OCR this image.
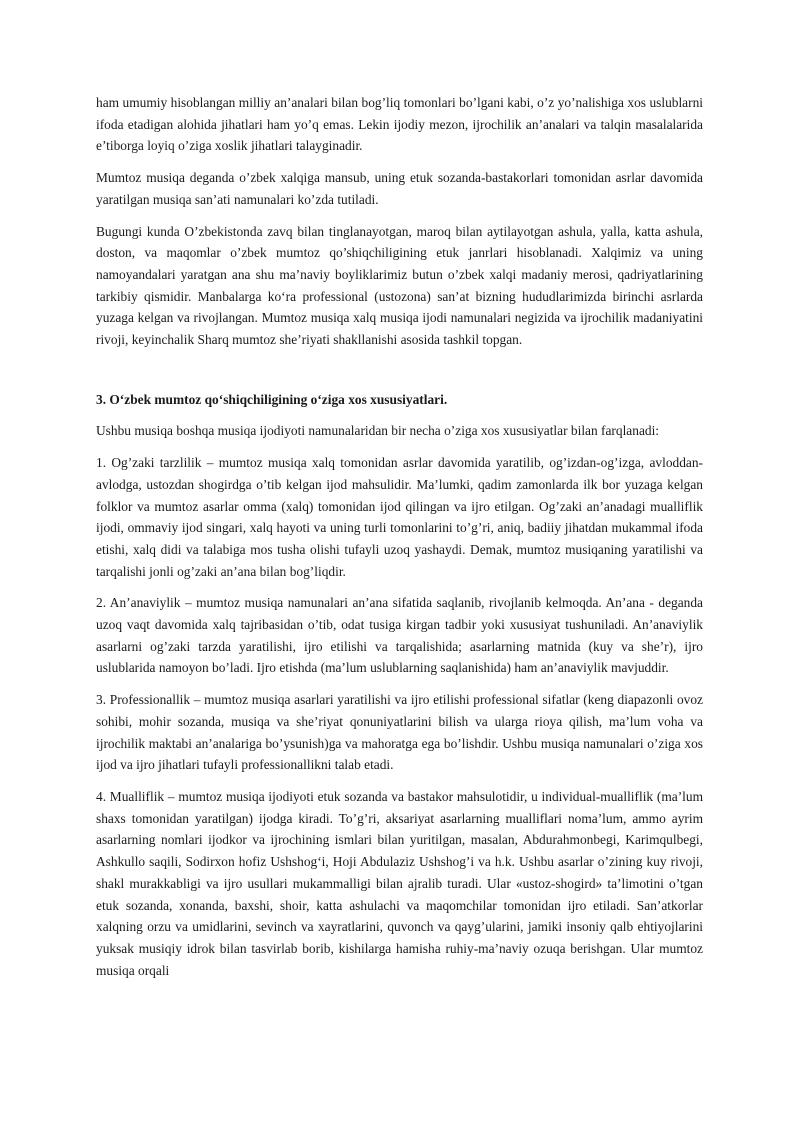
ham umumiy hisoblangan milliy an’analari bilan bog’liq tomonlari bo’lgani kabi, o’z yo’nalishiga xos uslublarni ifoda etadigan alohida jihatlari ham yo’q emas. Lekin ijodiy mezon, ijrochilik an’analari va talqin masalalarida e’tiborga loyiq o’ziga xoslik jihatlari talayginadir.

Mumtoz musiqa deganda o’zbek xalqiga mansub, uning etuk sozanda-bastakorlari tomonidan asrlar davomida yaratilgan musiqa san’ati namunalari ko’zda tutiladi.

Bugungi kunda O’zbekistonda zavq bilan tinglanayotgan, maroq bilan aytilayotgan ashula, yalla, katta ashula, doston, va maqomlar o’zbek mumtoz qo’shiqchiligining etuk janrlari hisoblanadi. Xalqimiz va uning namoyandalari yaratgan ana shu ma’naviy boyliklarimiz butun o’zbek xalqi madaniy merosi, qadriyatlarining tarkibiy qismidir. Manbalarga ko‘ra professional (ustozona) san’at bizning hududlarimizda birinchi asrlarda yuzaga kelgan va rivojlangan. Mumtoz musiqa xalq musiqa ijodi namunalari negizida va ijrochilik madaniyatini rivoji, keyinchalik Sharq mumtoz she’riyati shakllanishi asosida tashkil topgan.

3. O‘zbek mumtoz qo‘shiqchiligining o‘ziga xos xususiyatlari.

Ushbu musiqa boshqa musiqa ijodiyoti namunalaridan bir necha o’ziga xos xususiyatlar bilan farqlanadi:

1. Og’zaki tarzlilik – mumtoz musiqa xalq tomonidan asrlar davomida yaratilib, og’izdan-og’izga, avloddan-avlodga, ustozdan shogirdga o’tib kelgan ijod mahsulidir. Ma’lumki, qadim zamonlarda ilk bor yuzaga kelgan folklor va mumtoz asarlar omma (xalq) tomonidan ijod qilingan va ijro etilgan. Og’zaki an’anadagi mualliflik ijodi, ommaviy ijod singari, xalq hayoti va uning turli tomonlarini to’g’ri, aniq, badiiy jihatdan mukammal ifoda etishi, xalq didi va talabiga mos tusha olishi tufayli uzoq yashaydi. Demak, mumtoz musiqaning yaratilishi va tarqalishi jonli og’zaki an’ana bilan bog’liqdir.

2. An’anaviylik – mumtoz musiqa namunalari an’ana sifatida saqlanib, rivojlanib kelmoqda. An’ana - deganda uzoq vaqt davomida xalq tajribasidan o’tib, odat tusiga kirgan tadbir yoki xususiyat tushuniladi. An’anaviylik asarlarni og’zaki tarzda yaratilishi, ijro etilishi va tarqalishida; asarlarning matnida (kuy va she’r), ijro uslublarida namoyon bo’ladi. Ijro etishda (ma’lum uslublarning saqlanishida) ham an’anaviylik mavjuddir.

3. Professionallik – mumtoz musiqa asarlari yaratilishi va ijro etilishi professional sifatlar (keng diapazonli ovoz sohibi, mohir sozanda, musiqa va she’riyat qonuniyatlarini bilish va ularga rioya qilish, ma’lum voha va ijrochilik maktabi an’analariga bo’ysunish)ga va mahoratga ega bo’lishdir. Ushbu musiqa namunalari o’ziga xos ijod va ijro jihatlari tufayli professionallikni talab etadi.

4. Mualliflik – mumtoz musiqa ijodiyoti etuk sozanda va bastakor mahsulotidir, u individual-mualliflik (ma’lum shaxs tomonidan yaratilgan) ijodga kiradi. To’g’ri, aksariyat asarlarning mualliflari noma’lum, ammo ayrim asarlarning nomlari ijodkor va ijrochining ismlari bilan yuritilgan, masalan, Abdurahmonbegi, Karimqulbegi, Ashkullo saqili, Sodirxon hofiz Ushshog‘i, Hoji Abdulaziz Ushshog’i va h.k. Ushbu asarlar o’zining kuy rivoji, shakl murakkabligi va ijro usullari mukammalligi bilan ajralib turadi. Ular «ustoz-shogird» ta’limotini o’tgan etuk sozanda, xonanda, baxshi, shoir, katta ashulachi va maqomchilar tomonidan ijro etiladi. San’atkorlar xalqning orzu va umidlarini, sevinch va xayratlarini, quvonch va qayg’ularini, jamiki insoniy qalb ehtiyojlarini yuksak musiqiy idrok bilan tasvirlab borib, kishilarga hamisha ruhiy-ma’naviy ozuqa berishgan. Ular mumtoz musiqa orqali
